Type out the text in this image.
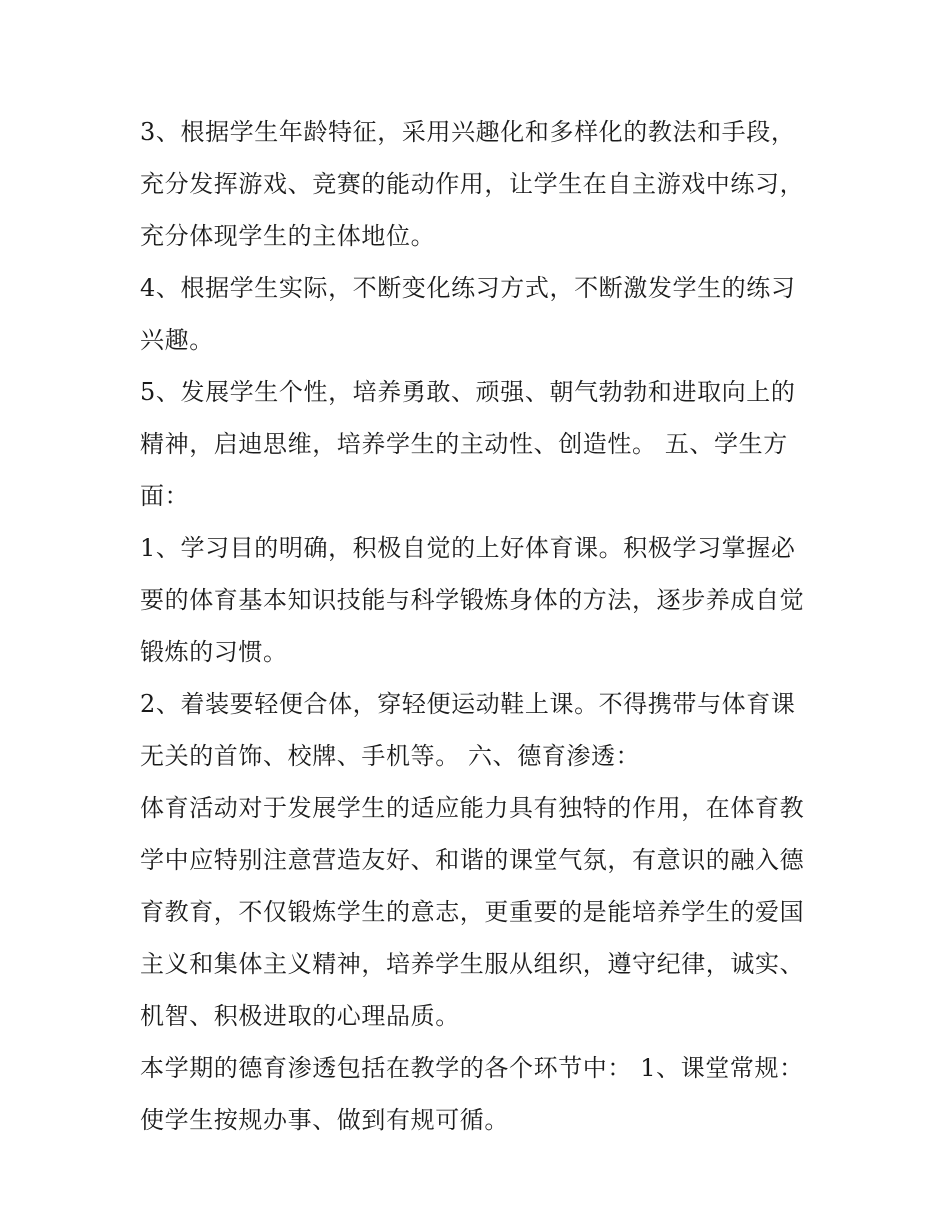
3、根据学生年龄特征，采用兴趣化和多样化的教法和手段，
充分发挥游戏、竞赛的能动作用，让学生在自主游戏中练习，
充分体现学生的主体地位。
4、根据学生实际，不断变化练习方式，不断激发学生的练习
兴趣。
5、发展学生个性，培养勇敢、顽强、朝气勃勃和进取向上的
精神，启迪思维，培养学生的主动性、创造性。 五、学生方
面：
1、学习目的明确，积极自觉的上好体育课。积极学习掌握必
要的体育基本知识技能与科学锻炼身体的方法，逐步养成自觉
锻炼的习惯。
2、着装要轻便合体，穿轻便运动鞋上课。不得携带与体育课
无关的首饰、校牌、手机等。 六、德育渗透：
体育活动对于发展学生的适应能力具有独特的作用，在体育教
学中应特别注意营造友好、和谐的课堂气氛，有意识的融入德
育教育，不仅锻炼学生的意志，更重要的是能培养学生的爱国
主义和集体主义精神，培养学生服从组织，遵守纪律，诚实、
机智、积极进取的心理品质。
本学期的德育渗透包括在教学的各个环节中： 1、课堂常规：
使学生按规办事、做到有规可循。
